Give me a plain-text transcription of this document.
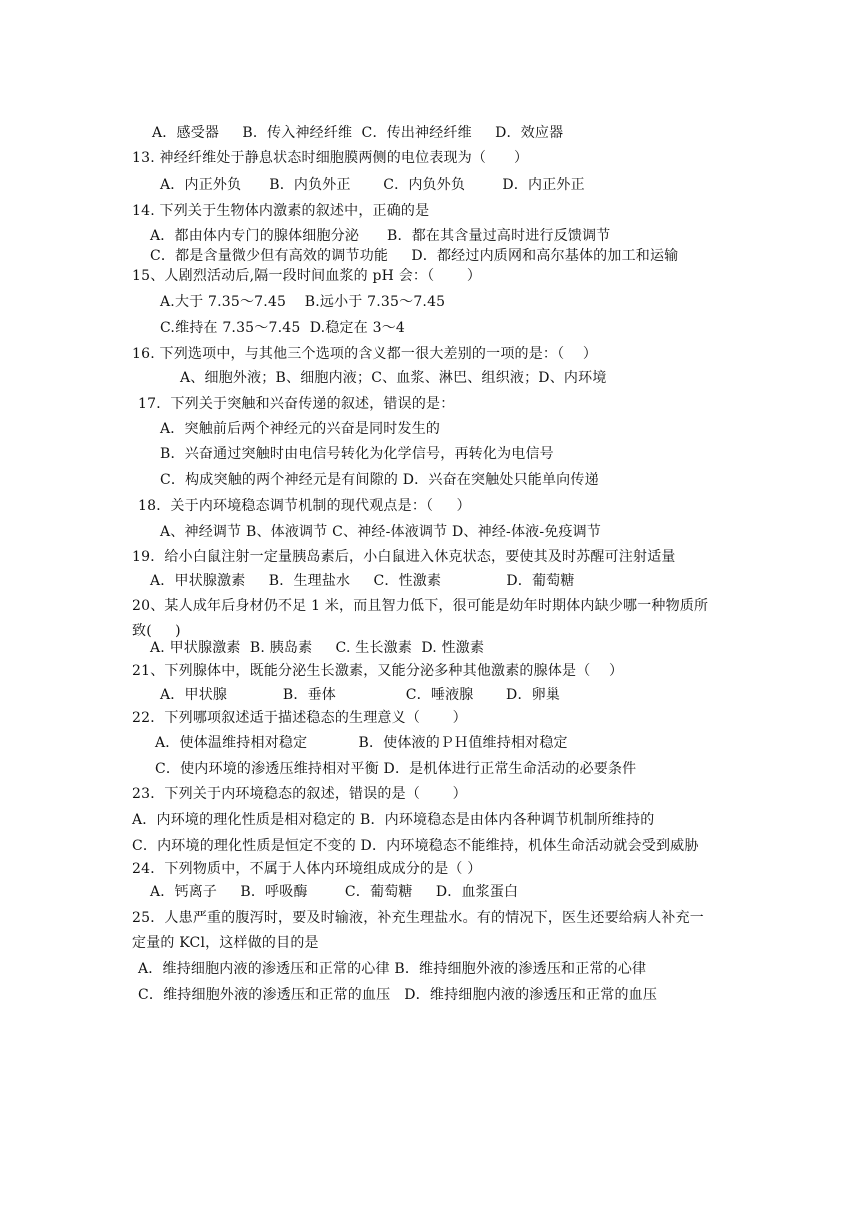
A．感受器     B．传入神经纤维  C．传出神经纤维     D．效应器
13. 神经纤维处于静息状态时细胞膜两侧的电位表现为（      ）
A．内正外负      B．内负外正       C．内负外负        D．内正外正
14. 下列关于生物体内激素的叙述中，正确的是
A．都由体内专门的腺体细胞分泌      B．都在其含量过高时进行反馈调节
C．都是含量微少但有高效的调节功能     D．都经过内质网和高尔基体的加工和运输
15、人剧烈活动后,隔一段时间血浆的 pH 会：（       ）
A.大于 7.35～7.45    B.远小于 7.35～7.45
C.维持在 7.35～7.45  D.稳定在 3～4
16. 下列选项中，与其他三个选项的含义都一很大差别的一项的是：（    ）
A、细胞外液；B、细胞内液；C、血浆、淋巴、组织液；D、内环境
17．下列关于突触和兴奋传递的叙述，错误的是：
A．突触前后两个神经元的兴奋是同时发生的
B．兴奋通过突触时由电信号转化为化学信号，再转化为电信号
C．构成突触的两个神经元是有间隙的 D．兴奋在突触处只能单向传递
18．关于内环境稳态调节机制的现代观点是：（     ）
A、神经调节 B、体液调节 C、神经-体液调节 D、神经-体液-免疫调节
19．给小白鼠注射一定量胰岛素后，小白鼠进入休克状态，要使其及时苏醒可注射适量
A．甲状腺激素     B．生理盐水     C．性激素              D．葡萄糖
20、某人成年后身材仍不足 1 米，而且智力低下，很可能是幼年时期体内缺少哪一种物质所
致(     )
A. 甲状腺激素  B. 胰岛素     C. 生长激素  D. 性激素
21、下列腺体中，既能分泌生长激素，又能分泌多种其他激素的腺体是（    ）
A．甲状腺            B．垂体               C．唾液腺       D．卵巢
22．下列哪项叙述适于描述稳态的生理意义（       ）
A．使体温维持相对稳定           B．使体液的ＰＨ值维持相对稳定
C．使内环境的渗透压维持相对平衡 D．是机体进行正常生命活动的必要条件
23．下列关于内环境稳态的叙述，错误的是（       ）
A．内环境的理化性质是相对稳定的 B．内环境稳态是由体内各种调节机制所维持的
C．内环境的理化性质是恒定不变的 D．内环境稳态不能维持，机体生命活动就会受到威胁
24．下列物质中，不属于人体内环境组成成分的是（ ）
A．钙离子     B．呼吸酶        C．葡萄糖     D．血浆蛋白
25．人患严重的腹泻时，要及时输液，补充生理盐水。有的情况下，医生还要给病人补充一
定量的 KCl，这样做的目的是
A．维持细胞内液的渗透压和正常的心律 B．维持细胞外液的渗透压和正常的心律
C．维持细胞外液的渗透压和正常的血压   D．维持细胞内液的渗透压和正常的血压
